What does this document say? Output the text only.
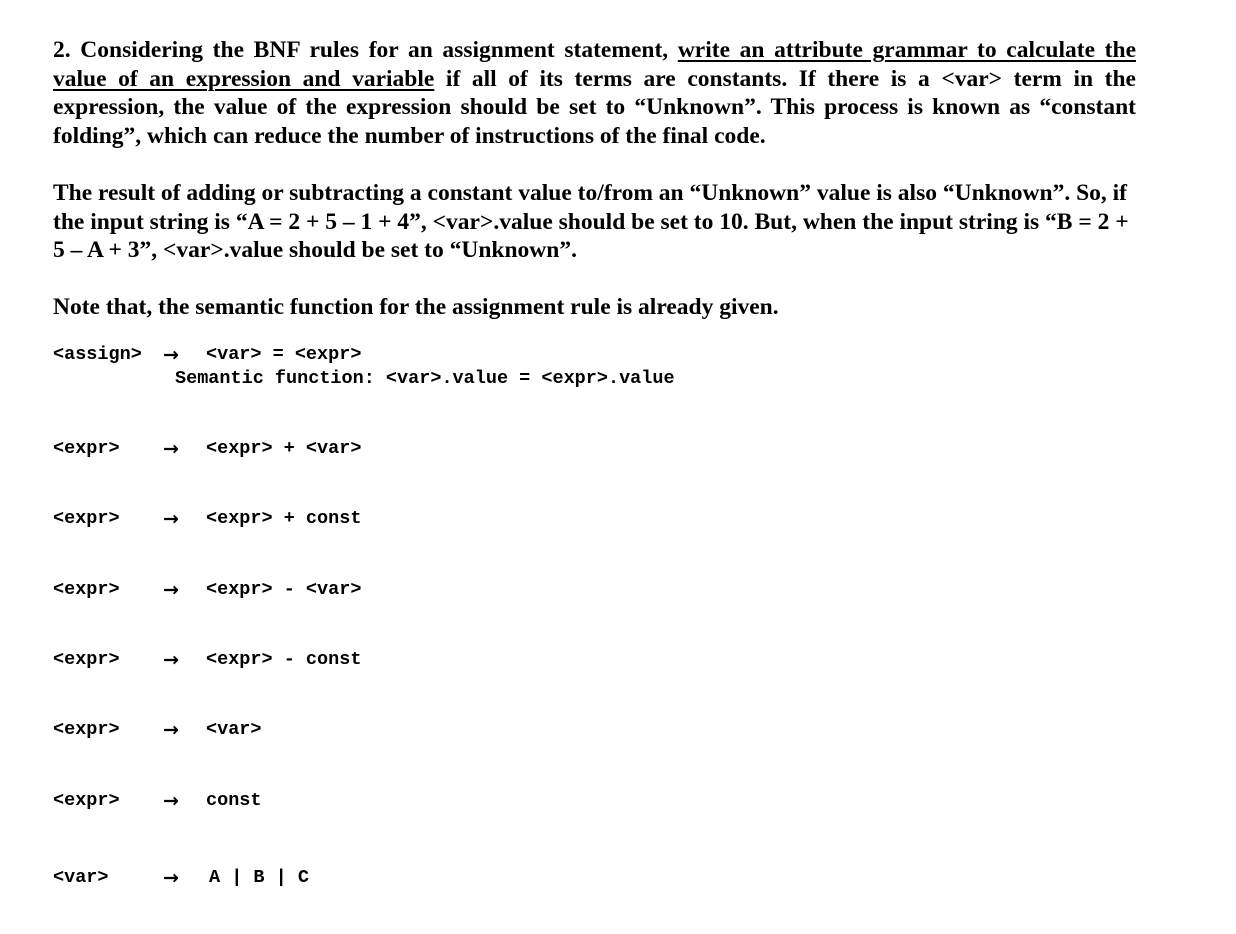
2. Considering the BNF rules for an assignment statement, write an attribute grammar to calculate the value of an expression and variable if all of its terms are constants. If there is a <var> term in the expression, the value of the expression should be set to “Unknown”. This process is known as “constant folding”, which can reduce the number of instructions of the final code.
The result of adding or subtracting a constant value to/from an “Unknown” value is also “Unknown”. So, if the input string is “A = 2 + 5 – 1 + 4”, <var>.value should be set to 10. But, when the input string is “B = 2 + 5 – A + 3”, <var>.value should be set to “Unknown”.
Note that, the semantic function for the assignment rule is already given.
<assign> → <var> = <expr>
Semantic function: <var>.value = <expr>.value
<expr> → <expr> + <var>
<expr> → <expr> + const
<expr> → <expr> - <var>
<expr> → <expr> - const
<expr> → <var>
<expr> → const
<var>	→ A | B | C
